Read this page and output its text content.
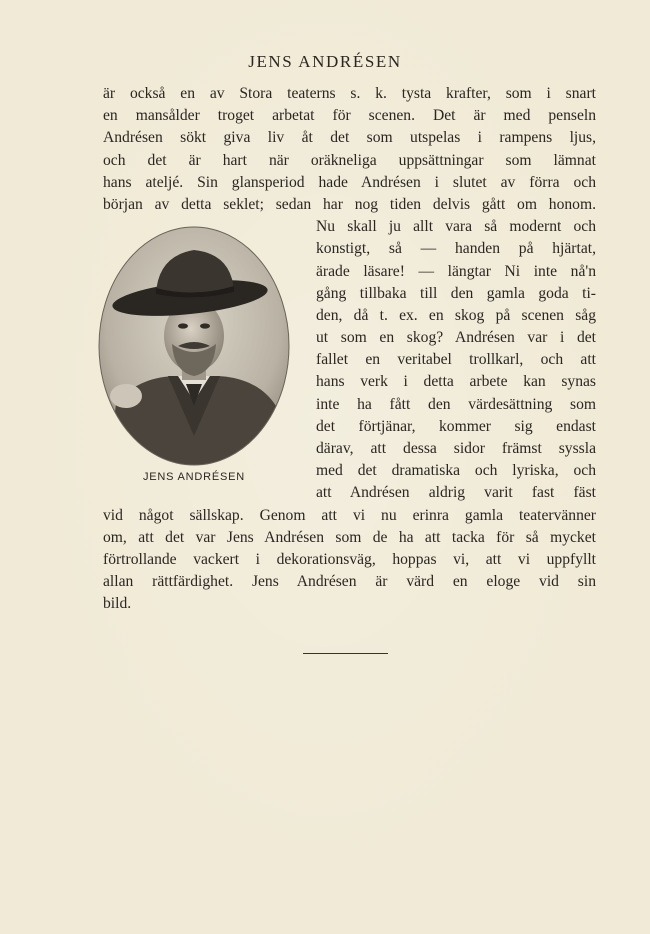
JENS ANDRÉSEN
JENS ANDRÉSEN
är också en av Stora teaterns s. k. tysta krafter, som i snart
en mansålder troget arbetat för scenen. Det är med penseln
Andrésen sökt giva liv åt det som utspelas i rampens ljus,
och det är hart när oräkneliga uppsättningar som lämnat
hans ateljé. Sin glansperiod hade Andrésen i slutet av förra och
början av detta seklet; sedan har nog tiden delvis gått om honom.
Nu skall ju allt vara så modernt och
konstigt, så — handen på hjärtat,
ärade läsare! — längtar Ni inte nå'n
gång tillbaka till den gamla goda ti-
den, då t. ex. en skog på scenen såg
ut som en skog? Andrésen var i det
fallet en veritabel trollkarl, och att
hans verk i detta arbete kan synas
inte ha fått den värdesättning som
det förtjänar, kommer sig endast
därav, att dessa sidor främst syssla
med det dramatiska och lyriska, och
att Andrésen aldrig varit fast fäst
vid något sällskap. Genom att vi nu erinra gamla teatervänner
om, att det var Jens Andrésen som de ha att tacka för så mycket
förtrollande vackert i dekorationsväg, hoppas vi, att vi uppfyllt
allan rättfärdighet. Jens Andrésen är värd en eloge vid sin
bild.
